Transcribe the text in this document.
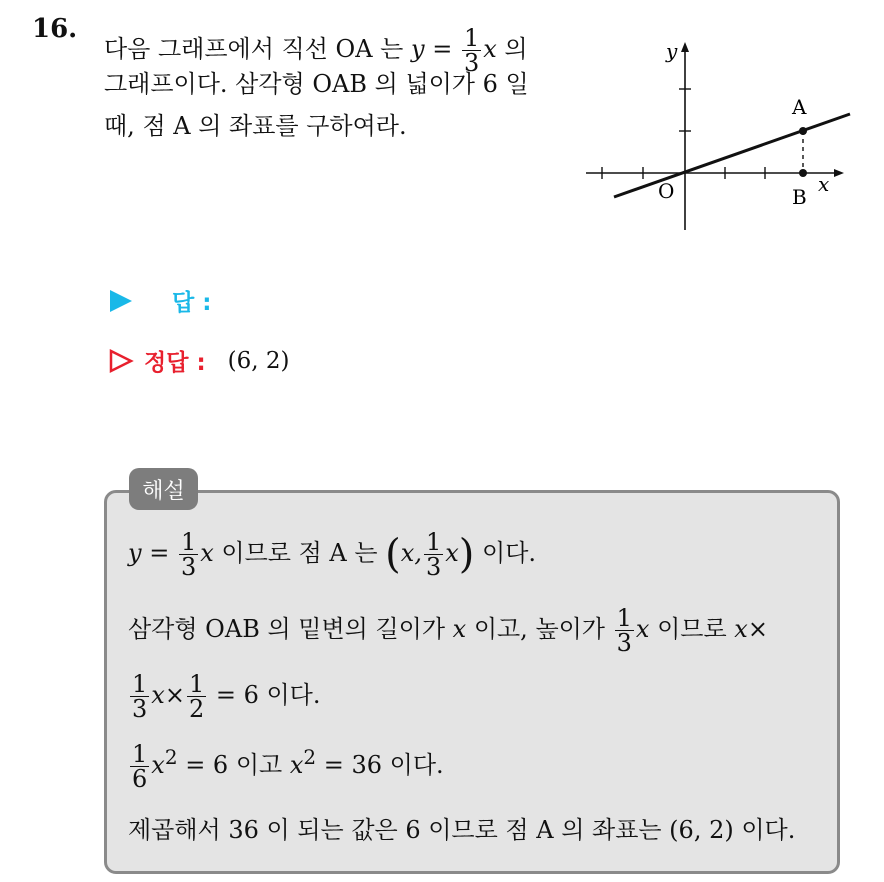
16.
다음 그래프에서 직선 OA 는 $y = \frac{1}{3}$ x 의
그래프이다. 삼각형 OAB 의 넓이가 6 일
때, 점 A 의 좌표를 구하여라.
y
x
O
A
B
답 :
정답 : (6, 2)
해설
$y = \frac{1}{3}$ x 이므로 점 A 는 (x, $\frac{1}{3} x$) 이다.
삼각형 OAB 의 밑변의 길이가 x 이고, 높이가 $\frac{1}{3}$ x 이므로 x×
$\frac{1}{3} x\times \frac{1}{2} = 6$ 이다.
$\frac{1}{6} x^2 = 6$ 이고 $x^2 = 36$ 이다.
제곱해서 36 이 되는 값은 6 이므로 점 A 의 좌표는 (6, 2) 이다.
